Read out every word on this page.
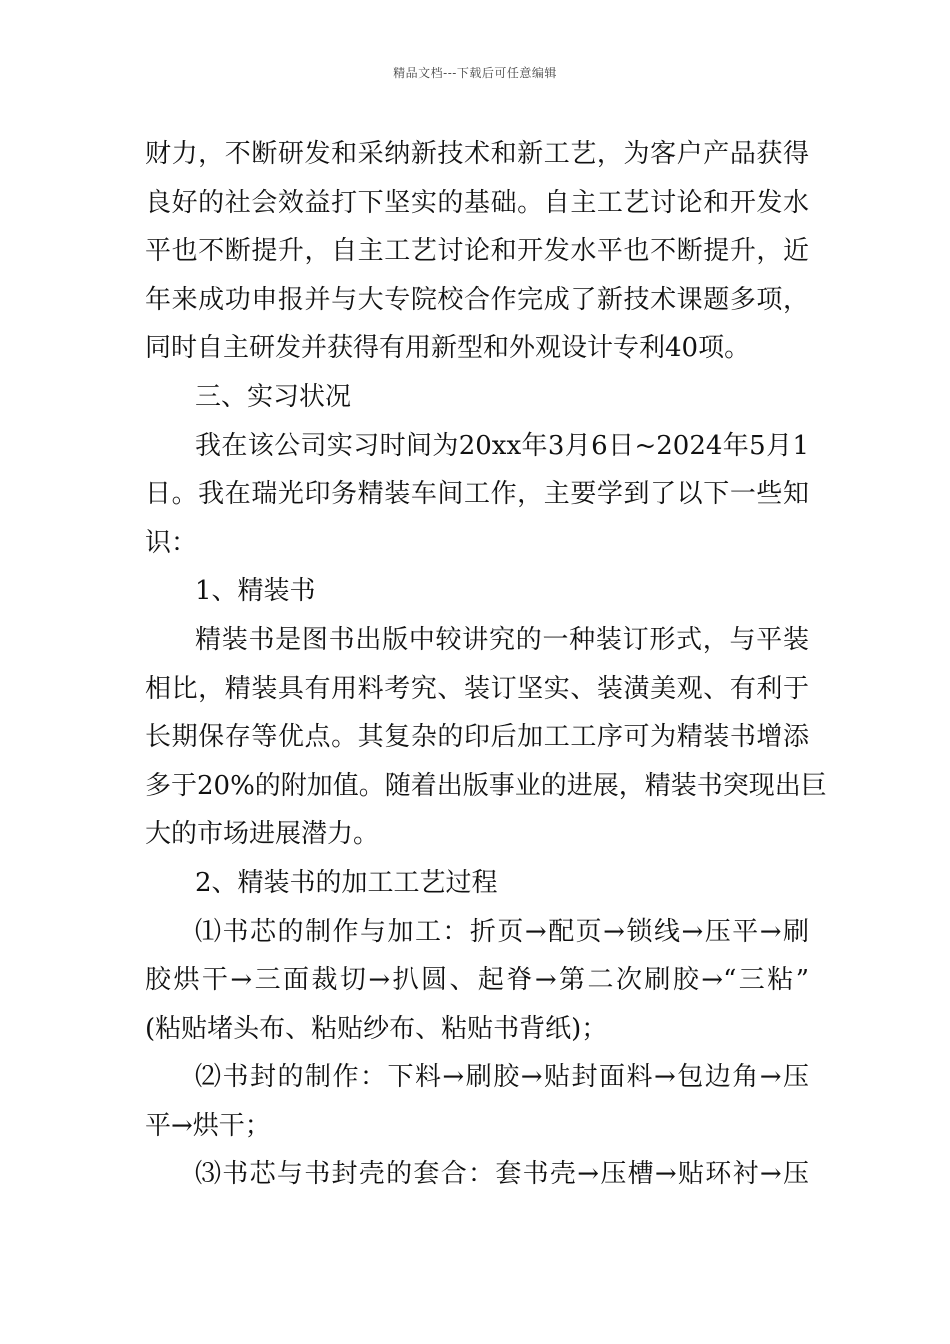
精品文档---下载后可任意编辑
财力，不断研发和采纳新技术和新工艺，为客户产品获得
良好的社会效益打下坚实的基础。自主工艺讨论和开发水
平也不断提升，自主工艺讨论和开发水平也不断提升，近
年来成功申报并与大专院校合作完成了新技术课题多项，
同时自主研发并获得有用新型和外观设计专利40项。
三、实习状况
我在该公司实习时间为20xx年3月6日~2024年5月1
日。我在瑞光印务精装车间工作，主要学到了以下一些知
识：
1、精装书
精装书是图书出版中较讲究的一种装订形式，与平装
相比，精装具有用料考究、装订坚实、装潢美观、有利于
长期保存等优点。其复杂的印后加工工序可为精装书增添
多于20%的附加值。随着出版事业的进展，精装书突现出巨
大的市场进展潜力。
2、精装书的加工工艺过程
⑴书芯的制作与加工：折页→配页→锁线→压平→刷
胶烘干→三面裁切→扒圆、起脊→第二次刷胶→“三粘”
(粘贴堵头布、粘贴纱布、粘贴书背纸)；
⑵书封的制作：下料→刷胶→贴封面料→包边角→压
平→烘干；
⑶书芯与书封壳的套合：套书壳→压槽→贴环衬→压
